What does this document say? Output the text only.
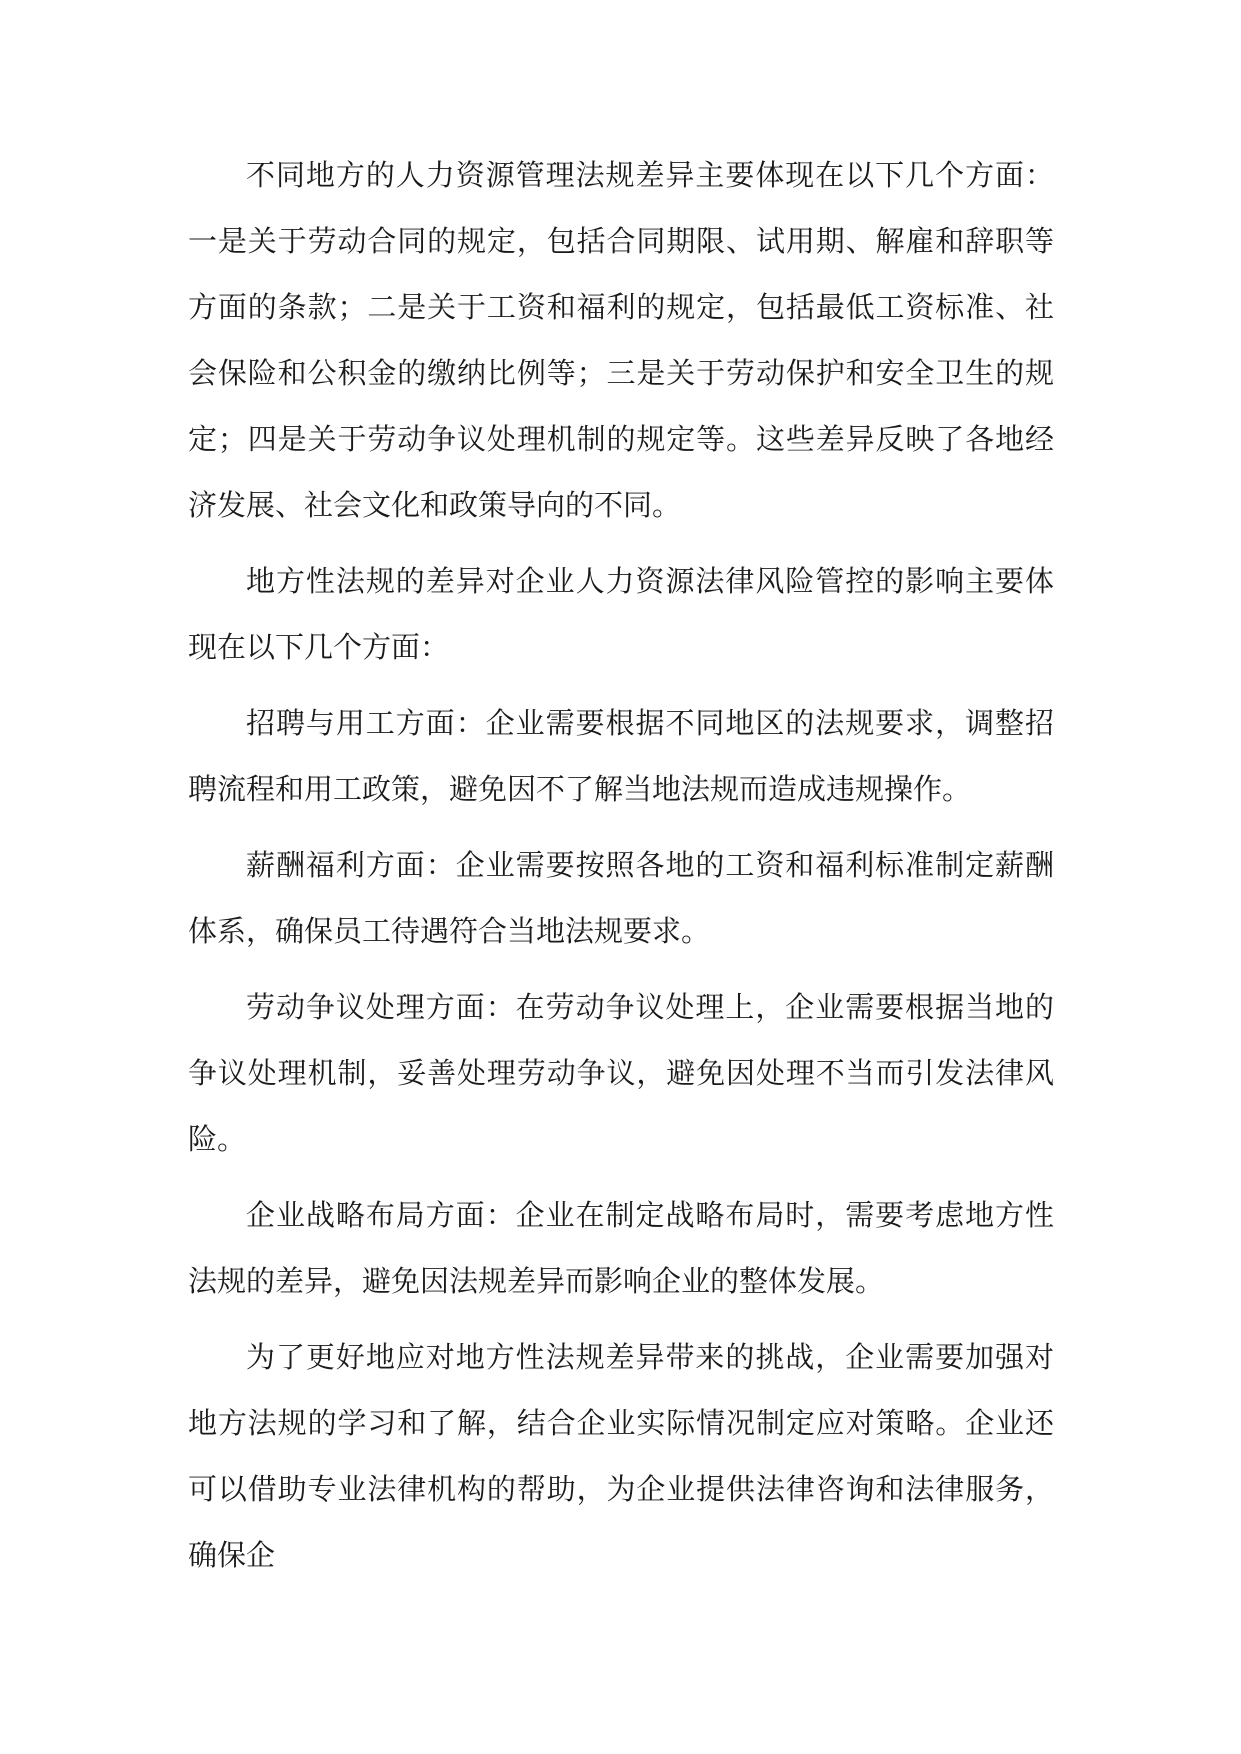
不同地方的人力资源管理法规差异主要体现在以下几个方面：一是关于劳动合同的规定，包括合同期限、试用期、解雇和辞职等方面的条款；二是关于工资和福利的规定，包括最低工资标准、社会保险和公积金的缴纳比例等；三是关于劳动保护和安全卫生的规定；四是关于劳动争议处理机制的规定等。这些差异反映了各地经济发展、社会文化和政策导向的不同。

地方性法规的差异对企业人力资源法律风险管控的影响主要体现在以下几个方面：

招聘与用工方面：企业需要根据不同地区的法规要求，调整招聘流程和用工政策，避免因不了解当地法规而造成违规操作。

薪酬福利方面：企业需要按照各地的工资和福利标准制定薪酬体系，确保员工待遇符合当地法规要求。

劳动争议处理方面：在劳动争议处理上，企业需要根据当地的争议处理机制，妥善处理劳动争议，避免因处理不当而引发法律风险。

企业战略布局方面：企业在制定战略布局时，需要考虑地方性法规的差异，避免因法规差异而影响企业的整体发展。

为了更好地应对地方性法规差异带来的挑战，企业需要加强对地方法规的学习和了解，结合企业实际情况制定应对策略。企业还可以借助专业法律机构的帮助，为企业提供法律咨询和法律服务，确保企
